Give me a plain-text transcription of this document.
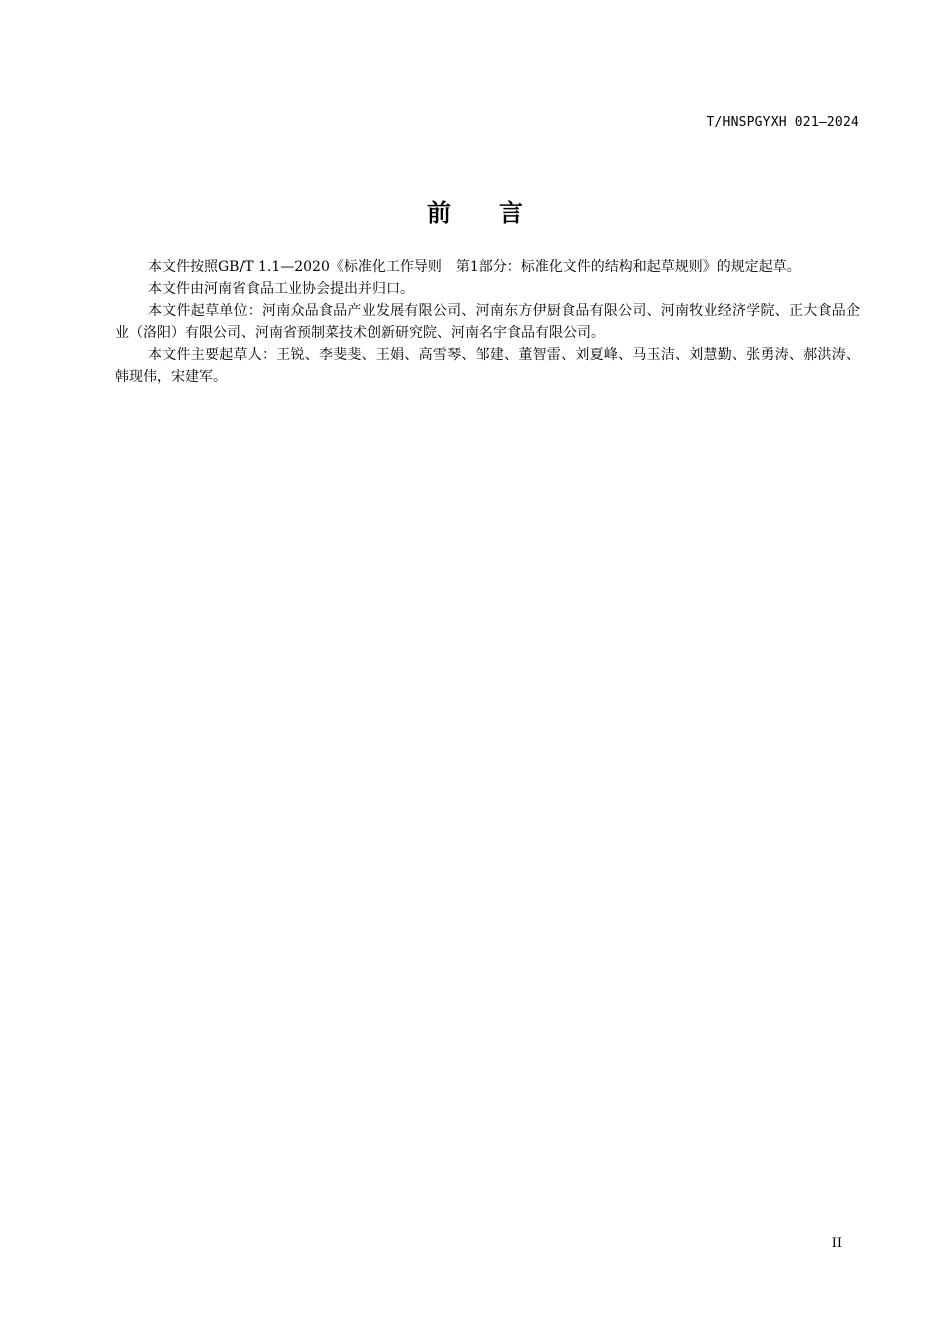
T/HNSPGYXH 021—2024
前 言

本文件按照GB/T 1.1—2020《标准化工作导则　第1部分：标准化文件的结构和起草规则》的规定起草。

本文件由河南省食品工业协会提出并归口。

本文件起草单位：河南众品食品产业发展有限公司、河南东方伊厨食品有限公司、河南牧业经济学院、正大食品企业（洛阳）有限公司、河南省预制菜技术创新研究院、河南名宇食品有限公司。

本文件主要起草人：王锐、李斐斐、王娟、高雪琴、邹建、董智雷、刘夏峰、马玉洁、刘慧勤、张勇涛、郝洪涛、韩现伟，宋建军。

II
